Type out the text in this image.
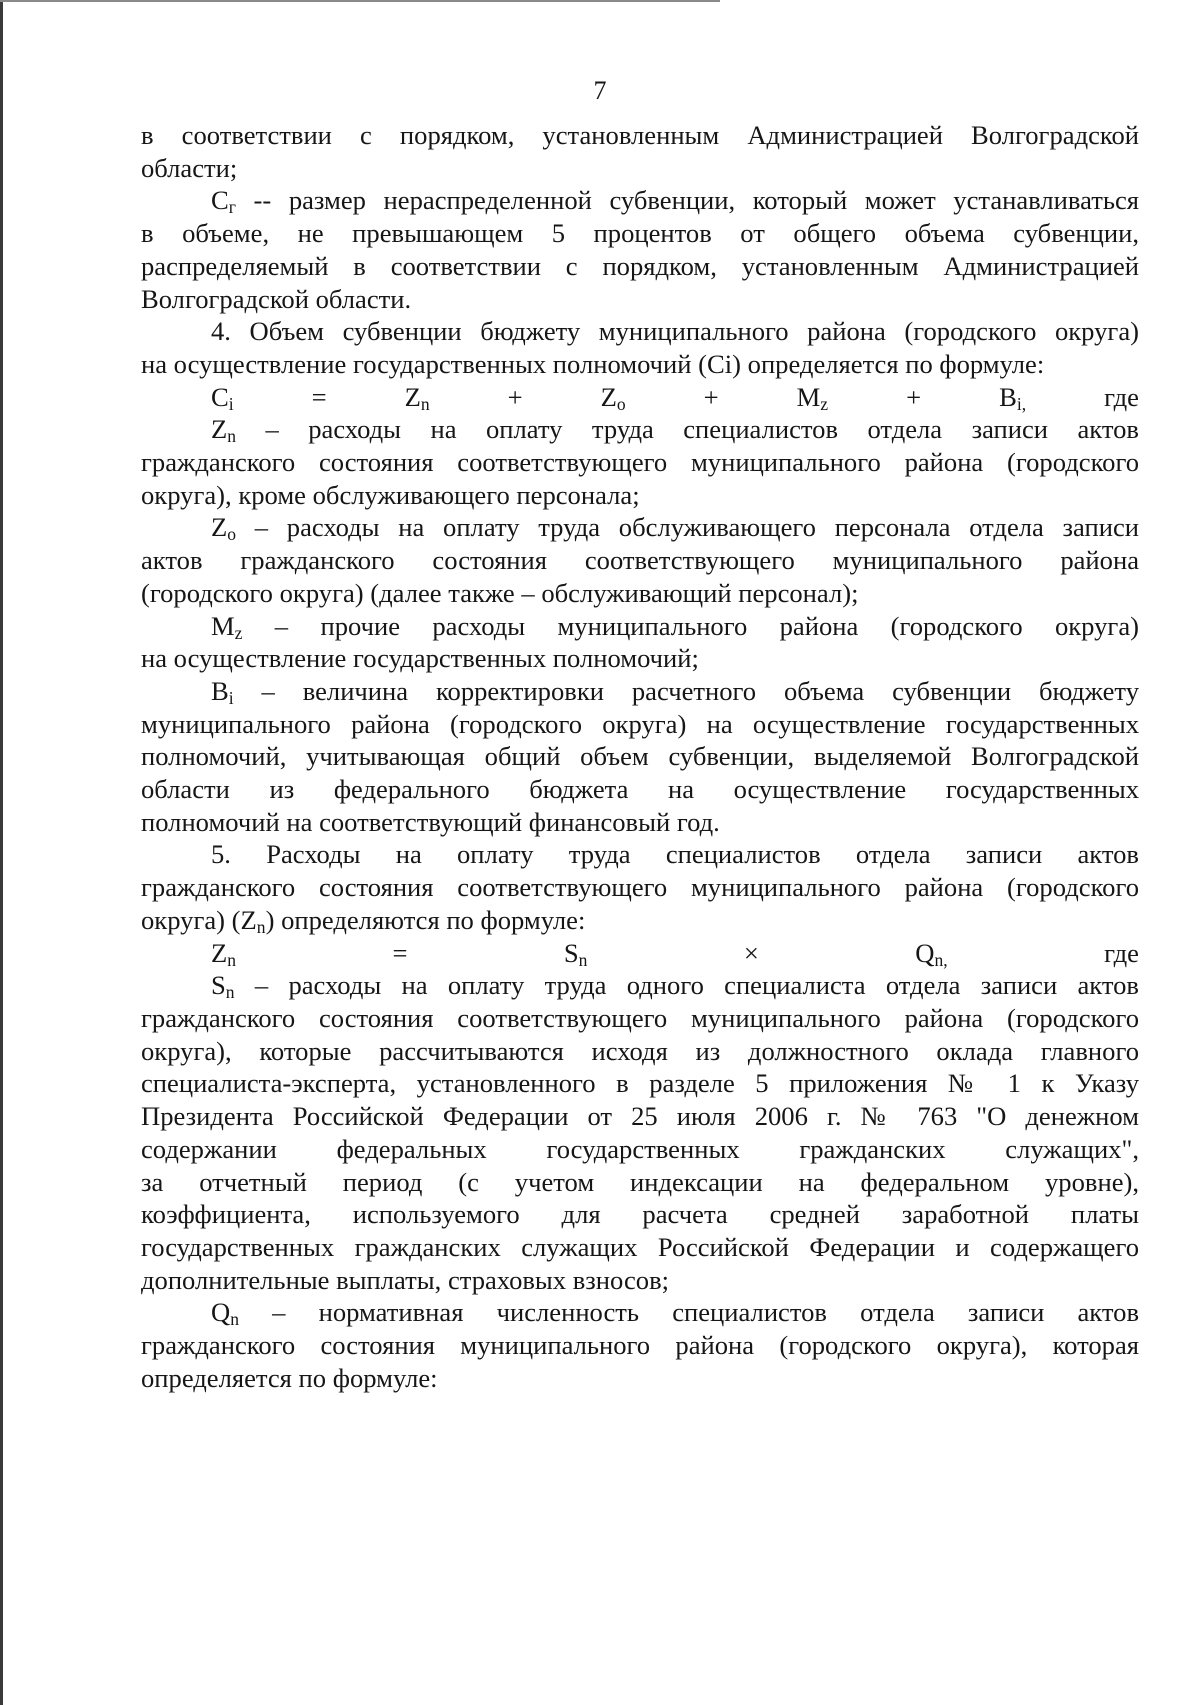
7

в соответствии с порядком, установленным Администрацией Волгоградской

области;

$С_г$ -- размер нераспределенной субвенции, который может устанавливаться

в объеме, не превышающем 5 процентов от общего объема субвенции,

распределяемый в соответствии с порядком, установленным Администрацией

Волгоградской области.

4. Объем субвенции бюджету муниципального района (городского округа)

на осуществление государственных полномочий (Ci) определяется по формуле:

$C_i = Z_n + Z_o + M_z + B_{i,}$ где

$Z_n$ – расходы на оплату труда специалистов отдела записи актов

гражданского состояния соответствующего муниципального района (городского

округа), кроме обслуживающего персонала;

$Z_o$ – расходы на оплату труда обслуживающего персонала отдела записи

актов гражданского состояния соответствующего муниципального района

(городского округа) (далее также – обслуживающий персонал);

$M_z$ – прочие расходы муниципального района (городского округа)

на осуществление государственных полномочий;

$B_i$ – величина корректировки расчетного объема субвенции бюджету

муниципального района (городского округа) на осуществление государственных

полномочий, учитывающая общий объем субвенции, выделяемой Волгоградской

области из федерального бюджета на осуществление государственных

полномочий на соответствующий финансовый год.

5. Расходы на оплату труда специалистов отдела записи актов

гражданского состояния соответствующего муниципального района (городского

округа) $(Z_n)$ определяются по формуле:

$Z_n = S_n \times Q_{n,}$ где

$S_n$ – расходы на оплату труда одного специалиста отдела записи актов

гражданского состояния соответствующего муниципального района (городского

округа), которые рассчитываются исходя из должностного оклада главного

специалиста-эксперта, установленного в разделе 5 приложения № 1 к Указу

Президента Российской Федерации от 25 июля 2006 г. № 763 "О денежном

содержании федеральных государственных гражданских служащих",

за отчетный период (с учетом индексации на федеральном уровне),

коэффициента, используемого для расчета средней заработной платы

государственных гражданских служащих Российской Федерации и содержащего

дополнительные выплаты, страховых взносов;

$Q_n$ – нормативная численность специалистов отдела записи актов

гражданского состояния муниципального района (городского округа), которая

определяется по формуле:
